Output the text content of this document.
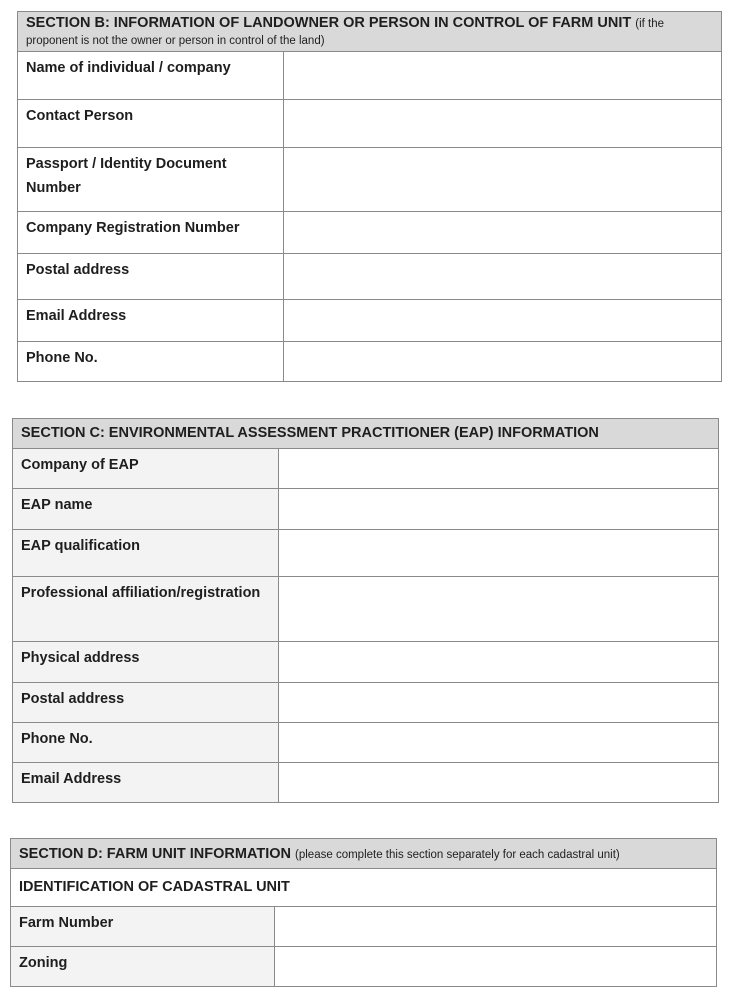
SECTION B: INFORMATION OF LANDOWNER OR PERSON IN CONTROL OF FARM UNIT (if the
proponent is not the owner or person in control of the land)	
Name of individual / company	
Contact Person	
Passport / Identity Document Number	
Company Registration Number	
Postal address	
Email Address	
Phone No.	
SECTION C: ENVIRONMENTAL ASSESSMENT PRACTITIONER (EAP) INFORMATION	
Company of EAP	
EAP name	
EAP qualification	
Professional affiliation/registration	
Physical address	
Postal address	
Phone No.	
Email Address	
SECTION D: FARM UNIT INFORMATION (please complete this section separately for each cadastral unit)	
IDENTIFICATION OF CADASTRAL UNIT	
Farm Number	
Zoning	
